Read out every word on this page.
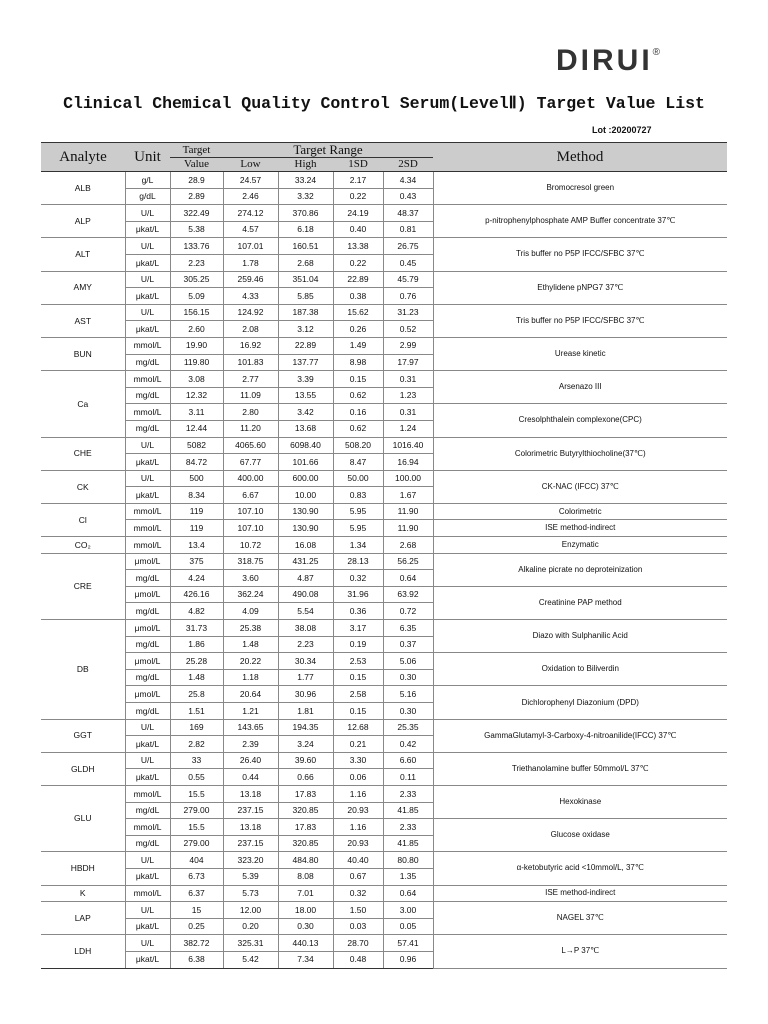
DIRUI®
Clinical Chemical Quality Control Serum(LevelⅡ) Target Value List
Lot :20200727
Analyte	Unit	Target	Target Range				Method
		Value	Low	High	1SD	2SD	
ALB	g/L	28.9	24.57	33.24	2.17	4.34	Bromocresol green
	g/dL	2.89	2.46	3.32	0.22	0.43	
ALP	U/L	322.49	274.12	370.86	24.19	48.37	p-nitrophenylphosphate AMP Buffer concentrate 37℃
	μkat/L	5.38	4.57	6.18	0.40	0.81	
ALT	U/L	133.76	107.01	160.51	13.38	26.75	Tris buffer no P5P IFCC/SFBC 37℃
	μkat/L	2.23	1.78	2.68	0.22	0.45	
AMY	U/L	305.25	259.46	351.04	22.89	45.79	Ethylidene pNPG7 37℃
	μkat/L	5.09	4.33	5.85	0.38	0.76	
AST	U/L	156.15	124.92	187.38	15.62	31.23	Tris buffer no P5P IFCC/SFBC 37℃
	μkat/L	2.60	2.08	3.12	0.26	0.52	
BUN	mmol/L	19.90	16.92	22.89	1.49	2.99	Urease kinetic
	mg/dL	119.80	101.83	137.77	8.98	17.97	
Ca	mmol/L	3.08	2.77	3.39	0.15	0.31	Arsenazo III
	mg/dL	12.32	11.09	13.55	0.62	1.23	
	mmol/L	3.11	2.80	3.42	0.16	0.31	Cresolphthalein complexone(CPC)
	mg/dL	12.44	11.20	13.68	0.62	1.24	
CHE	U/L	5082	4065.60	6098.40	508.20	1016.40	Colorimetric Butyrylthiocholine(37℃)
	μkat/L	84.72	67.77	101.66	8.47	16.94	
CK	U/L	500	400.00	600.00	50.00	100.00	CK-NAC (IFCC) 37℃
	μkat/L	8.34	6.67	10.00	0.83	1.67	
Cl	mmol/L	119	107.10	130.90	5.95	11.90	Colorimetric
	mmol/L	119	107.10	130.90	5.95	11.90	ISE method-indirect
CO₂	mmol/L	13.4	10.72	16.08	1.34	2.68	Enzymatic
CRE	μmol/L	375	318.75	431.25	28.13	56.25	Alkaline picrate no deproteinization
	mg/dL	4.24	3.60	4.87	0.32	0.64	
	μmol/L	426.16	362.24	490.08	31.96	63.92	Creatinine PAP method
	mg/dL	4.82	4.09	5.54	0.36	0.72	
DB	μmol/L	31.73	25.38	38.08	3.17	6.35	Diazo with Sulphanilic Acid
	mg/dL	1.86	1.48	2.23	0.19	0.37	
	μmol/L	25.28	20.22	30.34	2.53	5.06	Oxidation to Biliverdin
	mg/dL	1.48	1.18	1.77	0.15	0.30	
	μmol/L	25.8	20.64	30.96	2.58	5.16	Dichlorophenyl Diazonium (DPD)
	mg/dL	1.51	1.21	1.81	0.15	0.30	
GGT	U/L	169	143.65	194.35	12.68	25.35	GammaGlutamyl-3-Carboxy-4-nitroanilide(IFCC) 37℃
	μkat/L	2.82	2.39	3.24	0.21	0.42	
GLDH	U/L	33	26.40	39.60	3.30	6.60	Triethanolamine buffer 50mmol/L 37℃
	μkat/L	0.55	0.44	0.66	0.06	0.11	
GLU	mmol/L	15.5	13.18	17.83	1.16	2.33	Hexokinase
	mg/dL	279.00	237.15	320.85	20.93	41.85	
	mmol/L	15.5	13.18	17.83	1.16	2.33	Glucose oxidase
	mg/dL	279.00	237.15	320.85	20.93	41.85	
HBDH	U/L	404	323.20	484.80	40.40	80.80	α-ketobutyric acid <10mmol/L, 37℃
	μkat/L	6.73	5.39	8.08	0.67	1.35	
K	mmol/L	6.37	5.73	7.01	0.32	0.64	ISE method-indirect
LAP	U/L	15	12.00	18.00	1.50	3.00	NAGEL 37℃
	μkat/L	0.25	0.20	0.30	0.03	0.05	
LDH	U/L	382.72	325.31	440.13	28.70	57.41	L→P 37℃
	μkat/L	6.38	5.42	7.34	0.48	0.96	
